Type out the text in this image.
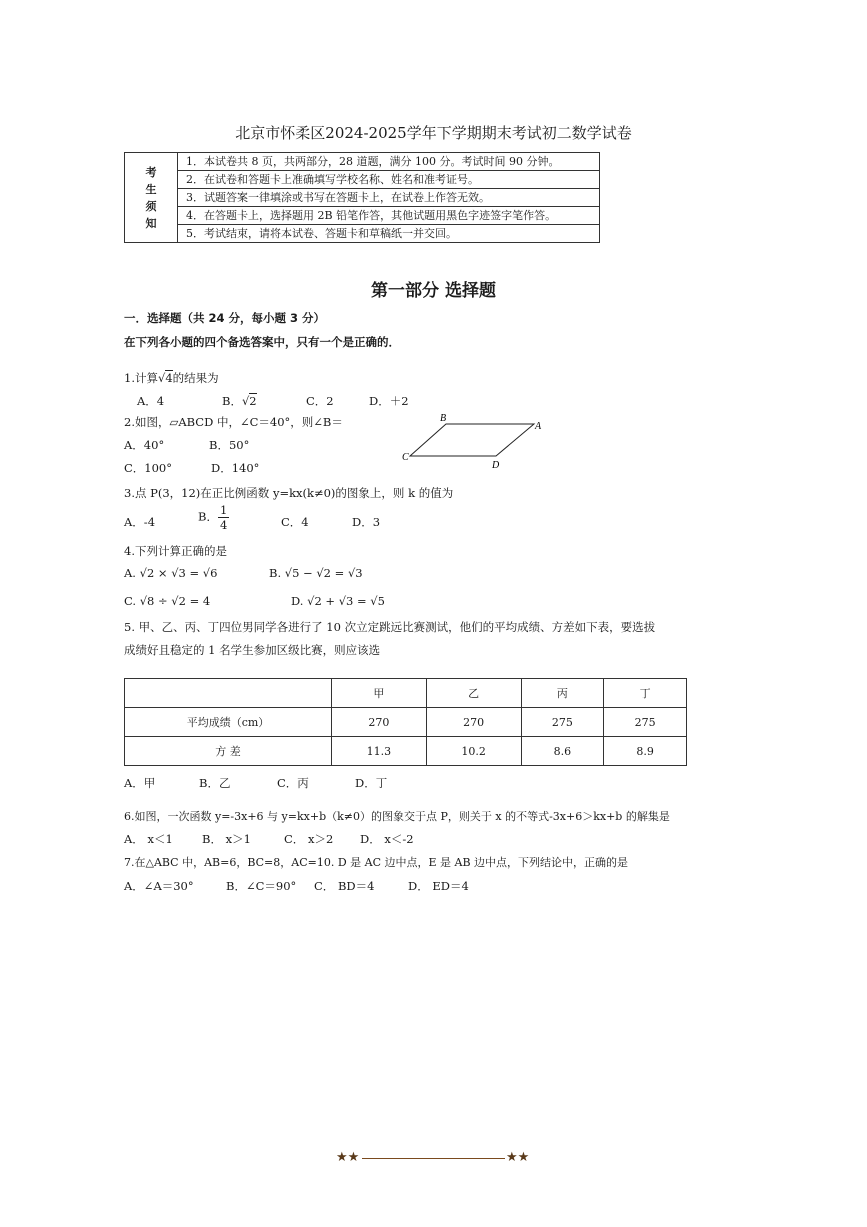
北京市怀柔区2024-2025学年下学期期末考试初二数学试卷
考
生
须
知
	1．本试卷共 8 页，共两部分，28 道题，满分 100 分。考试时间 90 分钟。
2．在试卷和答题卡上准确填写学校名称、姓名和准考证号。
3．试题答案一律填涂或书写在答题卡上，在试卷上作答无效。
4．在答题卡上，选择题用 2B 铅笔作答，其他试题用黑色字迹签字笔作答。
5．考试结束，请将本试卷、答题卡和草稿纸一并交回。
第一部分 选择题
一．选择题（共 24 分，每小题 3 分）
在下列各小题的四个备选答案中，只有一个是正确的．
1.计算√4的结果为
A．4	B．√2	C．2	D．＋2
2.如图，▱ABCD 中，∠C＝40°，则∠B＝
A．40°	B．50°
C．100°	D．140°
B
A
C
D
3.点 P(3，12)在正比例函数 y=kx(k≠0)的图象上，则 k 的值为
A．-4	B． $\frac{1}{4}$	C．4	D．3
4.下列计算正确的是
A. √2 × √3 = √6	B. √5 − √2 = √3
C. √8 ÷ √2 = 4	D. √2 + √3 = √5
5. 甲、乙、丙、丁四位男同学各进行了 10 次立定跳远比赛测试，他们的平均成绩、方差如下表，要选拔
成绩好且稳定的 1 名学生参加区级比赛，则应该选
	甲	乙	丙	丁
平均成绩（cm）	270	270	275	275
方 差	11.3	10.2	8.6	8.9
A．甲	B．乙	C．丙	D．丁
6.如图，一次函数 y=-3x+6 与 y=kx+b（k≠0）的图象交于点 P，则关于 x 的不等式-3x+6＞kx+b 的解集是
A． x＜1	B． x＞1	C． x＞2 D． x＜-2
7.在△ABC 中，AB=6，BC=8，AC=10. D 是 AC 边中点，E 是 AB 边中点，下列结论中，正确的是
A．∠A＝30°	B．∠C＝90° C． BD＝4	D． ED＝4
★★	★★
